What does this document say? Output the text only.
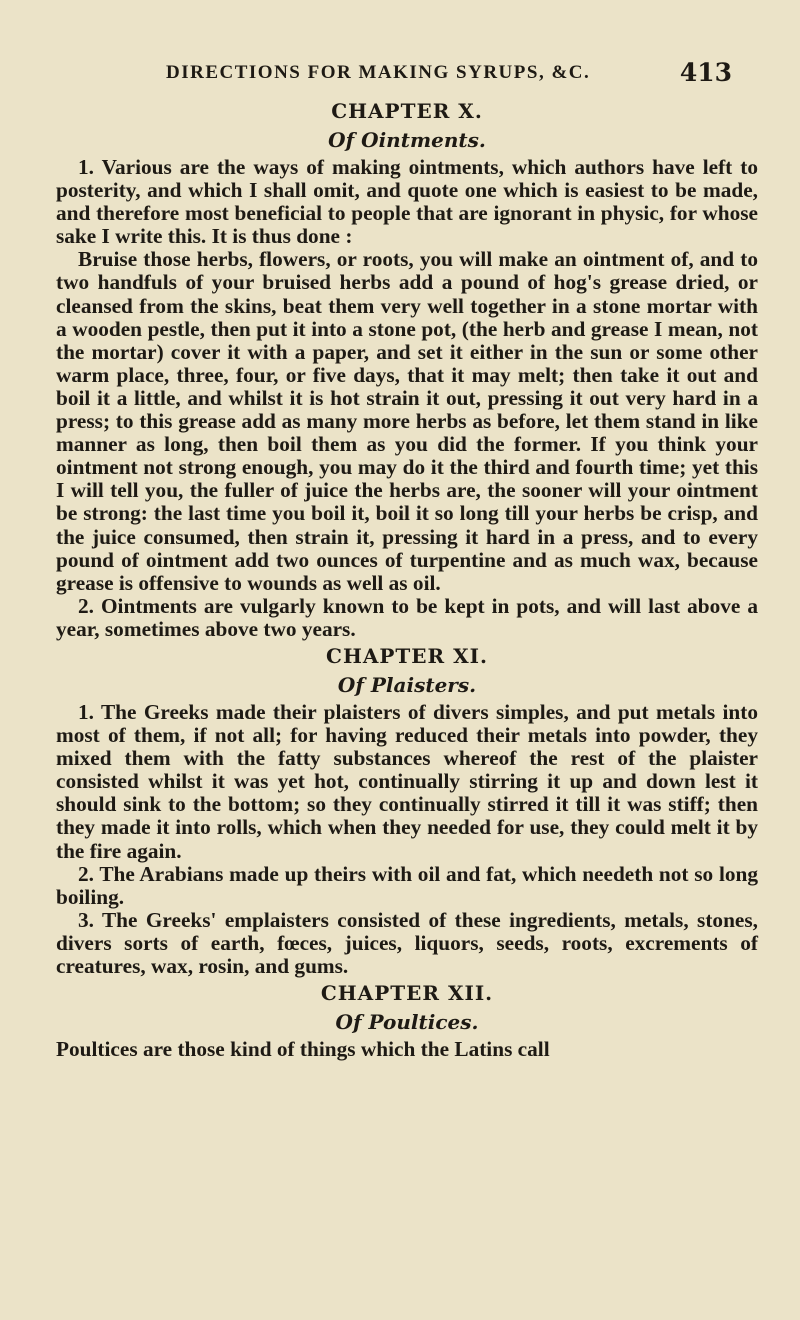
DIRECTIONS FOR MAKING SYRUPS, &C.	413
CHAPTER X.
Of Ointments.

1. Various are the ways of making ointments, which authors have left to posterity, and which I shall omit, and quote one which is easiest to be made, and therefore most beneficial to people that are ignorant in physic, for whose sake I write this. It is thus done :

Bruise those herbs, flowers, or roots, you will make an ointment of, and to two handfuls of your bruised herbs add a pound of hog's grease dried, or cleansed from the skins, beat them very well together in a stone mortar with a wooden pestle, then put it into a stone pot, (the herb and grease I mean, not the mortar) cover it with a paper, and set it either in the sun or some other warm place, three, four, or five days, that it may melt; then take it out and boil it a little, and whilst it is hot strain it out, pressing it out very hard in a press; to this grease add as many more herbs as before, let them stand in like manner as long, then boil them as you did the former. If you think your ointment not strong enough, you may do it the third and fourth time; yet this I will tell you, the fuller of juice the herbs are, the sooner will your ointment be strong: the last time you boil it, boil it so long till your herbs be crisp, and the juice consumed, then strain it, pressing it hard in a press, and to every pound of ointment add two ounces of turpentine and as much wax, because grease is offensive to wounds as well as oil.

2. Ointments are vulgarly known to be kept in pots, and will last above a year, sometimes above two years.

CHAPTER XI.
Of Plaisters.

1. The Greeks made their plaisters of divers simples, and put metals into most of them, if not all; for having reduced their metals into powder, they mixed them with the fatty substances whereof the rest of the plaister consisted whilst it was yet hot, continually stirring it up and down lest it should sink to the bottom; so they continually stirred it till it was stiff; then they made it into rolls, which when they needed for use, they could melt it by the fire again.

2. The Arabians made up theirs with oil and fat, which needeth not so long boiling.

3. The Greeks' emplaisters consisted of these ingredients, metals, stones, divers sorts of earth, fœces, juices, liquors, seeds, roots, excrements of creatures, wax, rosin, and gums.

CHAPTER XII.
Of Poultices.

Poultices are those kind of things which the Latins call
